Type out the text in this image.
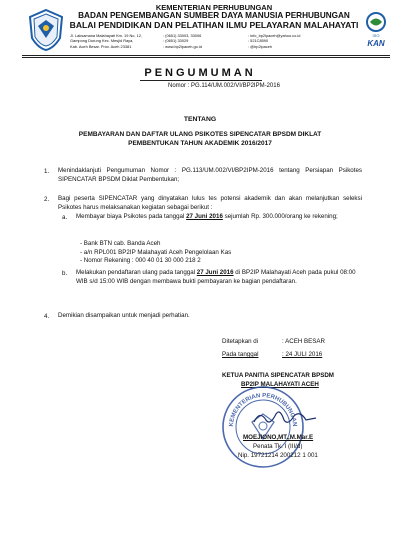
KEMENTERIAN PERHUBUNGAN
BADAN PENGEMBANGAN SUMBER DAYA MANUSIA PERHUBUNGAN
BALAI PENDIDIKAN DAN PELATIHAN ILMU PELAYARAN MALAHAYATI
ISO
KAN
Jl. Laksamana Malahayati Km. 19 No. 12,
Gampong Durung Kec. Mesjid Raya,
Kab. Aceh Besar. Prov. Aceh 23381
: (0651) 33003, 33006
: (0651) 33029
: www.bp2ipaceh.go.id
: info_bp2ipaceh@yahoo.co.id
: 521C8590
: @bp2ipaceh
PENGUMUMAN
Nomor : PG.114/UM.002/VI/BP2IPM-2016
TENTANG
PEMBAYARAN DAN DAFTAR ULANG PSIKOTES SIPENCATAR BPSDM DIKLAT
PEMBENTUKAN TAHUN AKADEMIK 2016/2017
1. Menindaklanjuti Pengumuman Nomor : PG.113/UM.002/VI/BP2IPM-2016 tentang Persiapan Psikotes SIPENCATAR BPSDM Diklat Pembentukan;
2. Bagi peserta SIPENCATAR yang dinyatakan lulus tes potensi akademik dan akan melanjutkan seleksi Psikotes harus melaksanakan kegiatan sebagai berikut :
a. Membayar biaya Psikotes pada tanggal 27 Juni 2016 sejumlah Rp. 300.000/orang ke rekening;
- Bank BTN cab. Banda Aceh
- a/n RPL001 BP2IP Malahayati Aceh Pengelolaan Kas
- Nomor Rekening : 000 40 01 30 000 218 2
b. Melakukan pendaftaran ulang pada tanggal 27 Juni 2016 di BP2IP Malahayati Aceh pada pukul 08:00 WIB s/d 15:00 WIB dengan membawa bukti pembayaran ke bagian pendaftaran.
4. Demikian disampaikan untuk menjadi perhatian.
Ditetapkan di	: ACEH BESAR
Pada tanggal	: 24 JULI 2016
KETUA PANITIA SIPENCATAR BPSDM
BP2IP MALAHAYATI ACEH
KEMENTERIAN PERHUBUNGAN
MOEJIONO,MT.,M.Mar.E
Penata Tk. I (III/d)
Nip. 19721214 200212 1 001
